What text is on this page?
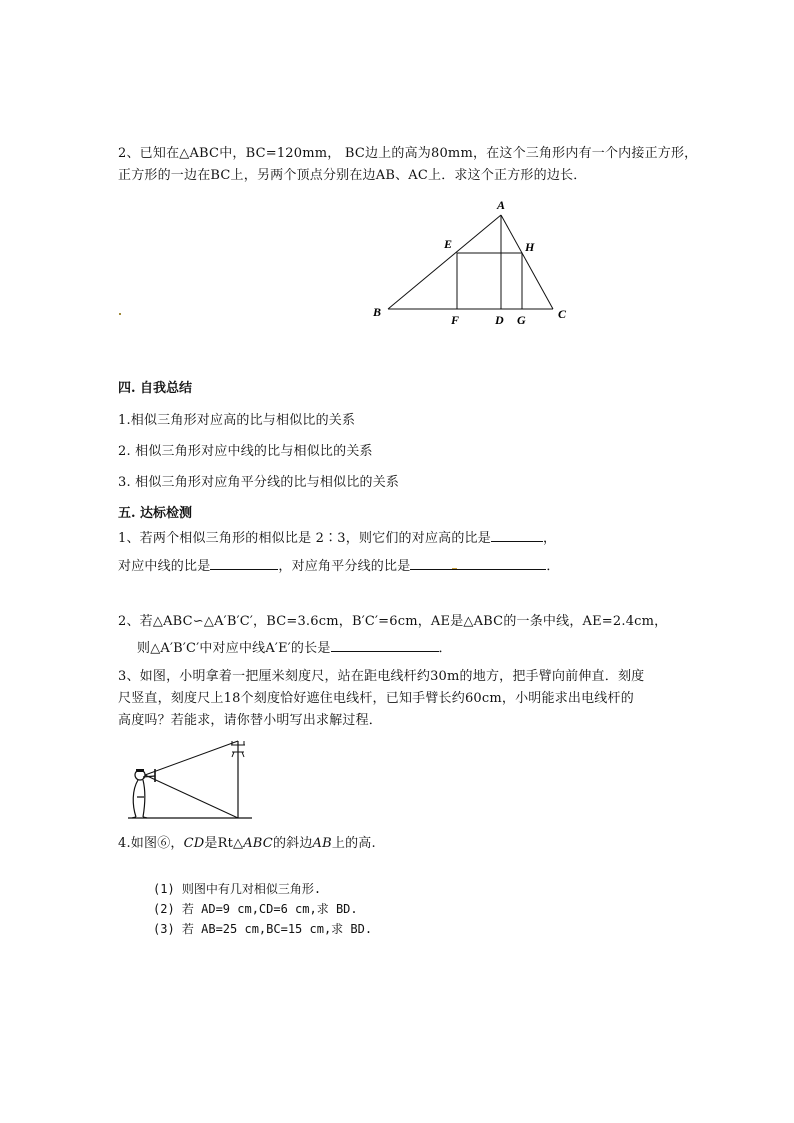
2、已知在△ABC中，BC=120mm， BC边上的高为80mm，在这个三角形内有一个内接正方形，
正方形的一边在BC上，另两个顶点分别在边AB、AC上．求这个正方形的边长．
A
B	C
D
E
F	G
H
四. 自我总结
1.相似三角形对应高的比与相似比的关系
2. 相似三角形对应中线的比与相似比的关系
3. 相似三角形对应角平分线的比与相似比的关系
五. 达标检测
1、若两个相似三角形的相似比是 2∶3，则它们的对应高的比是	，
对应中线的比是	，对应角平分线的比是	．
2、若△ABC∽△A′B′C′，BC=3.6cm，B′C′=6cm，AE是△ABC的一条中线，AE=2.4cm，
则△A′B′C′中对应中线A′E′的长是	．
3、如图，小明拿着一把厘米刻度尺，站在距电线杆约30m的地方，把手臂向前伸直．刻度
尺竖直，刻度尺上18个刻度恰好遮住电线杆，已知手臂长约60cm，小明能求出电线杆的
高度吗？若能求，请你替小明写出求解过程．
4.如图⑥，CD是Rt△ABC的斜边AB上的高.
(1) 则图中有几对相似三角形.
(2) 若 AD=9 cm,CD=6 cm,求 BD.
(3) 若 AB=25 cm,BC=15 cm,求 BD.
